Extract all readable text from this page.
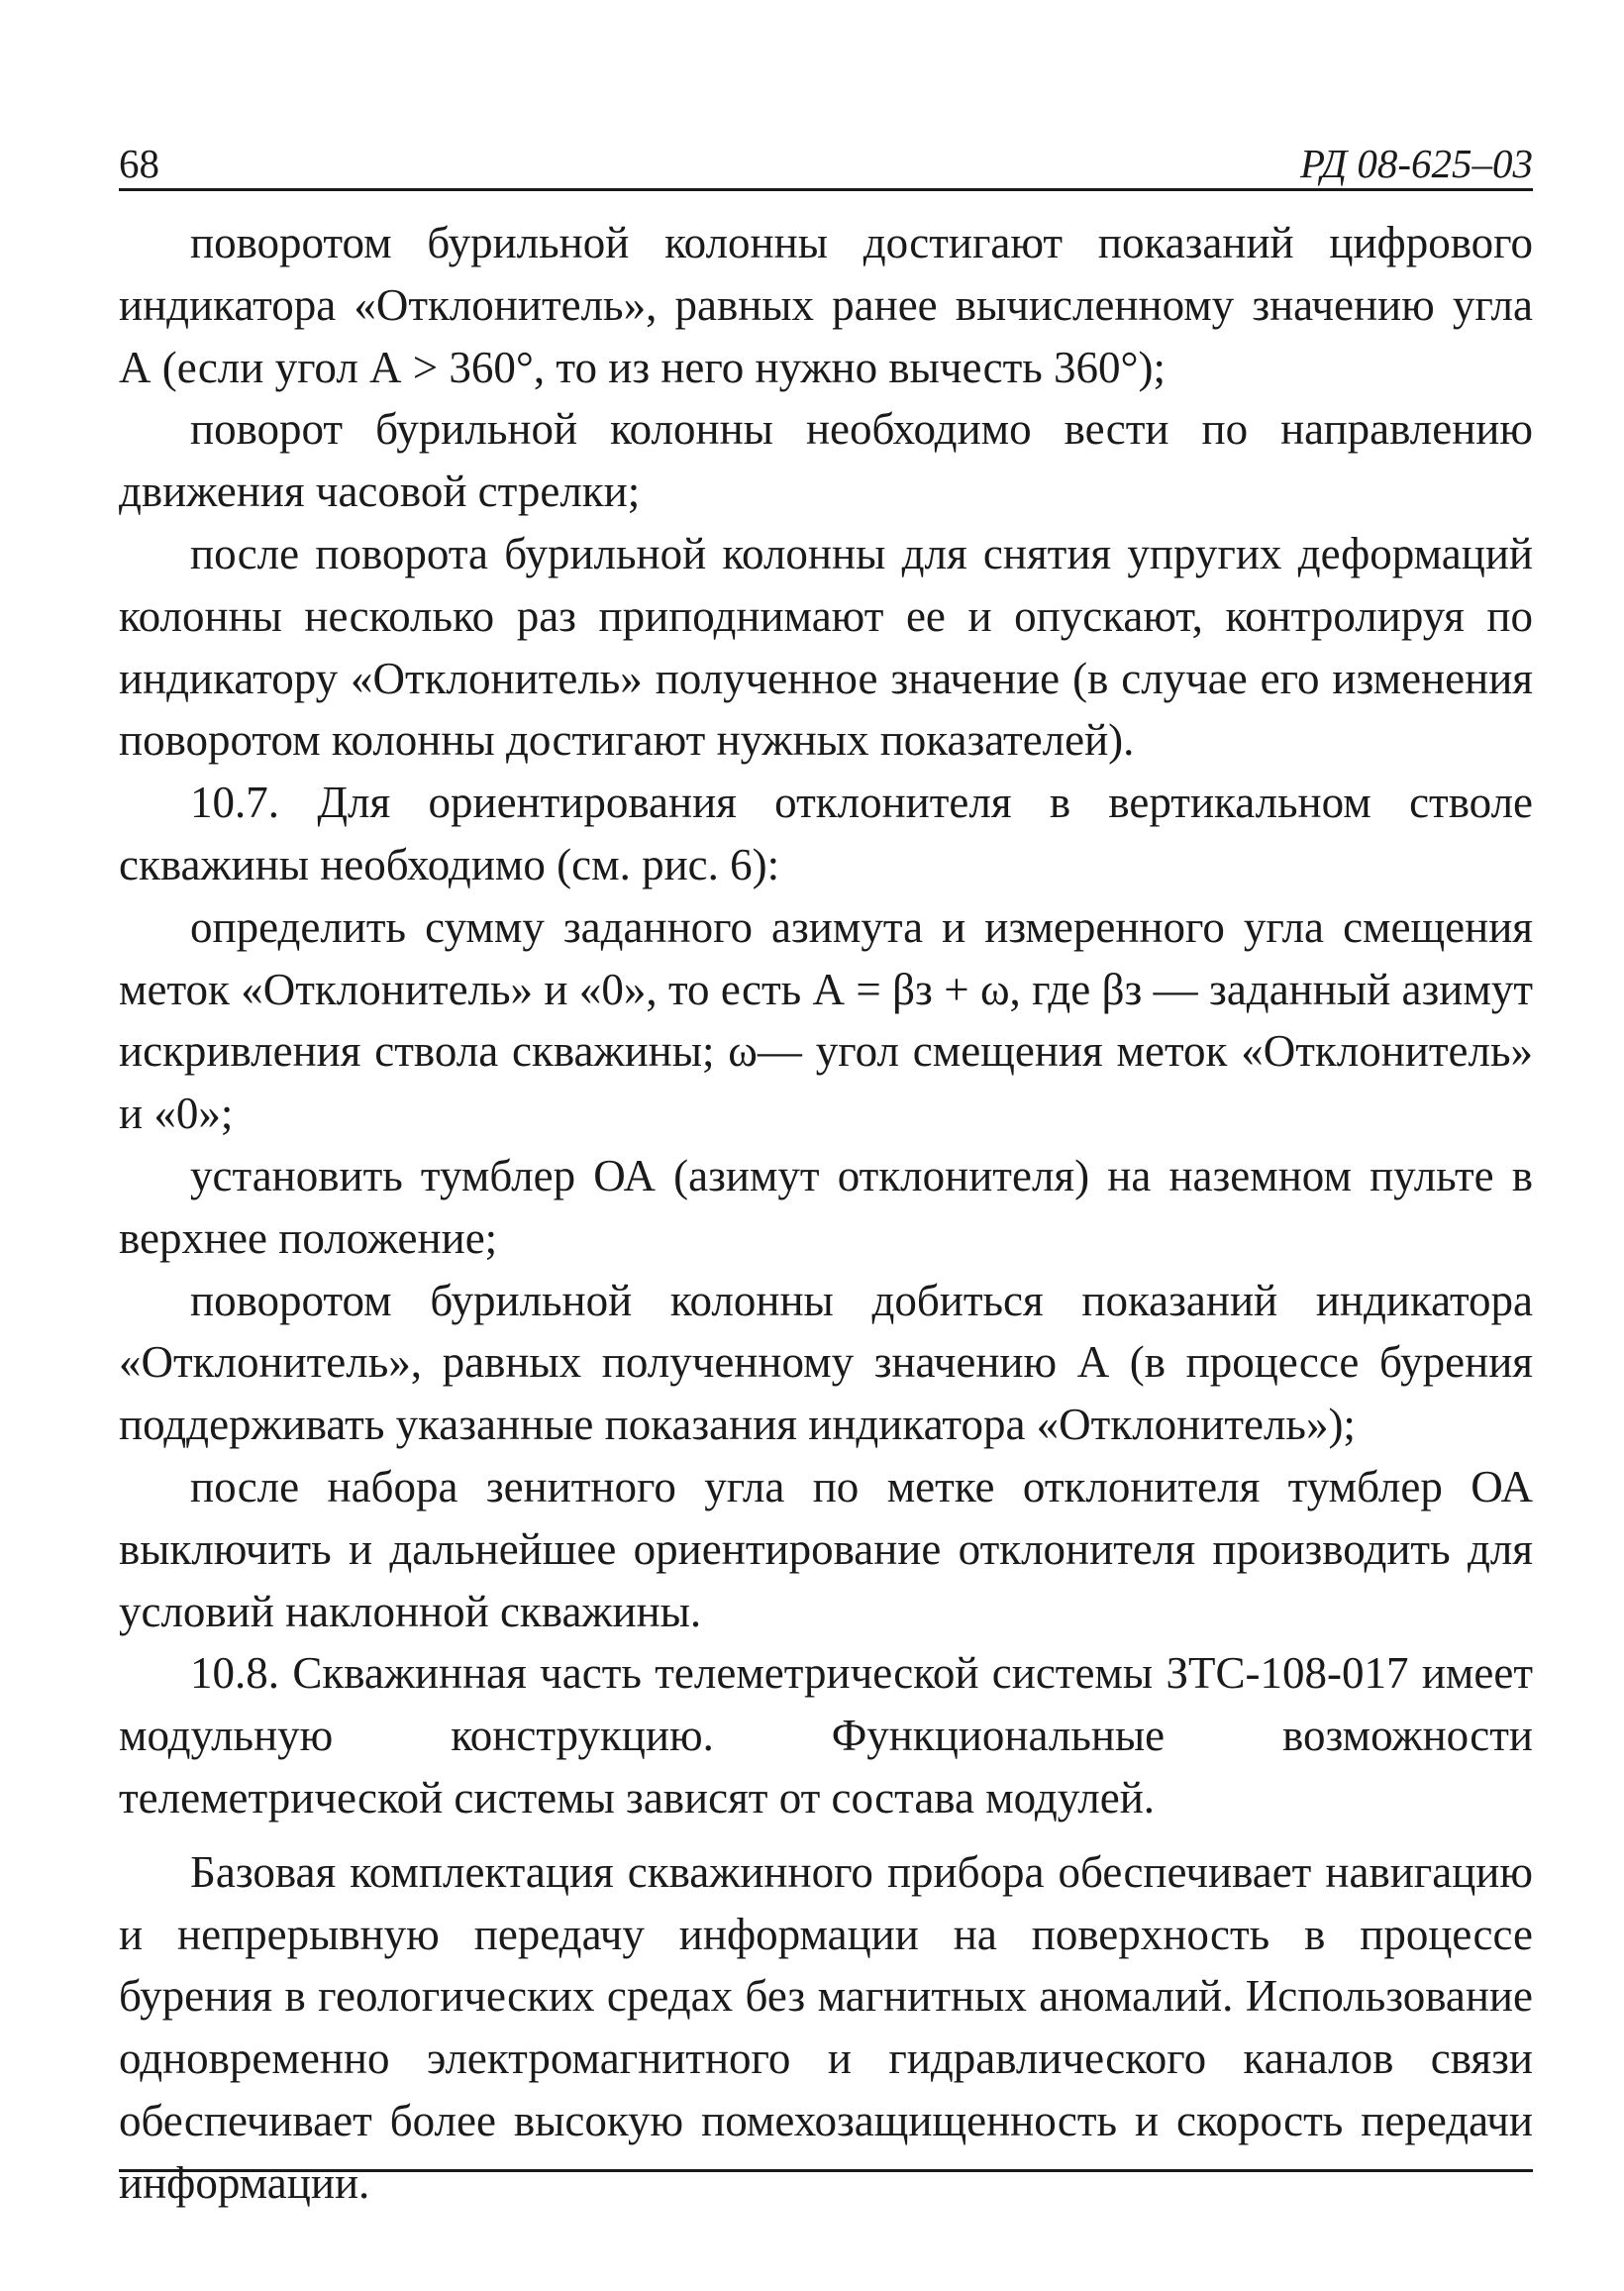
68	РД 08-625–03

поворотом бурильной колонны достигают показаний цифрового индикатора «Отклонитель», равных ранее вычисленному значению угла А (если угол А > 360°, то из него нужно вычесть 360°);

поворот бурильной колонны необходимо вести по направлению движения часовой стрелки;

после поворота бурильной колонны для снятия упругих деформаций колонны несколько раз приподнимают ее и опускают, контролируя по индикатору «Отклонитель» полученное значение (в случае его изменения поворотом колонны достигают нужных показателей).

10.7. Для ориентирования отклонителя в вертикальном стволе скважины необходимо (см. рис. 6):

определить сумму заданного азимута и измеренного угла смещения меток «Отклонитель» и «0», то есть А = βз + ω, где βз — заданный азимут искривления ствола скважины; ω— угол смещения меток «Отклонитель» и «0»;

установить тумблер ОА (азимут отклонителя) на наземном пульте в верхнее положение;

поворотом бурильной колонны добиться показаний индикатора «Отклонитель», равных полученному значению А (в процессе бурения поддерживать указанные показания индикатора «Отклонитель»);

после набора зенитного угла по метке отклонителя тумблер ОА выключить и дальнейшее ориентирование отклонителя производить для условий наклонной скважины.

10.8. Скважинная часть телеметрической системы ЗТС-108-017 имеет модульную конструкцию. Функциональные возможности телеметрической системы зависят от состава модулей.

Базовая комплектация скважинного прибора обеспечивает навигацию и непрерывную передачу информации на поверхность в процессе бурения в геологических средах без магнитных аномалий. Использование одновременно электромагнитного и гидравлического каналов связи обеспечивает более высокую помехозащищенность и скорость передачи информации.
